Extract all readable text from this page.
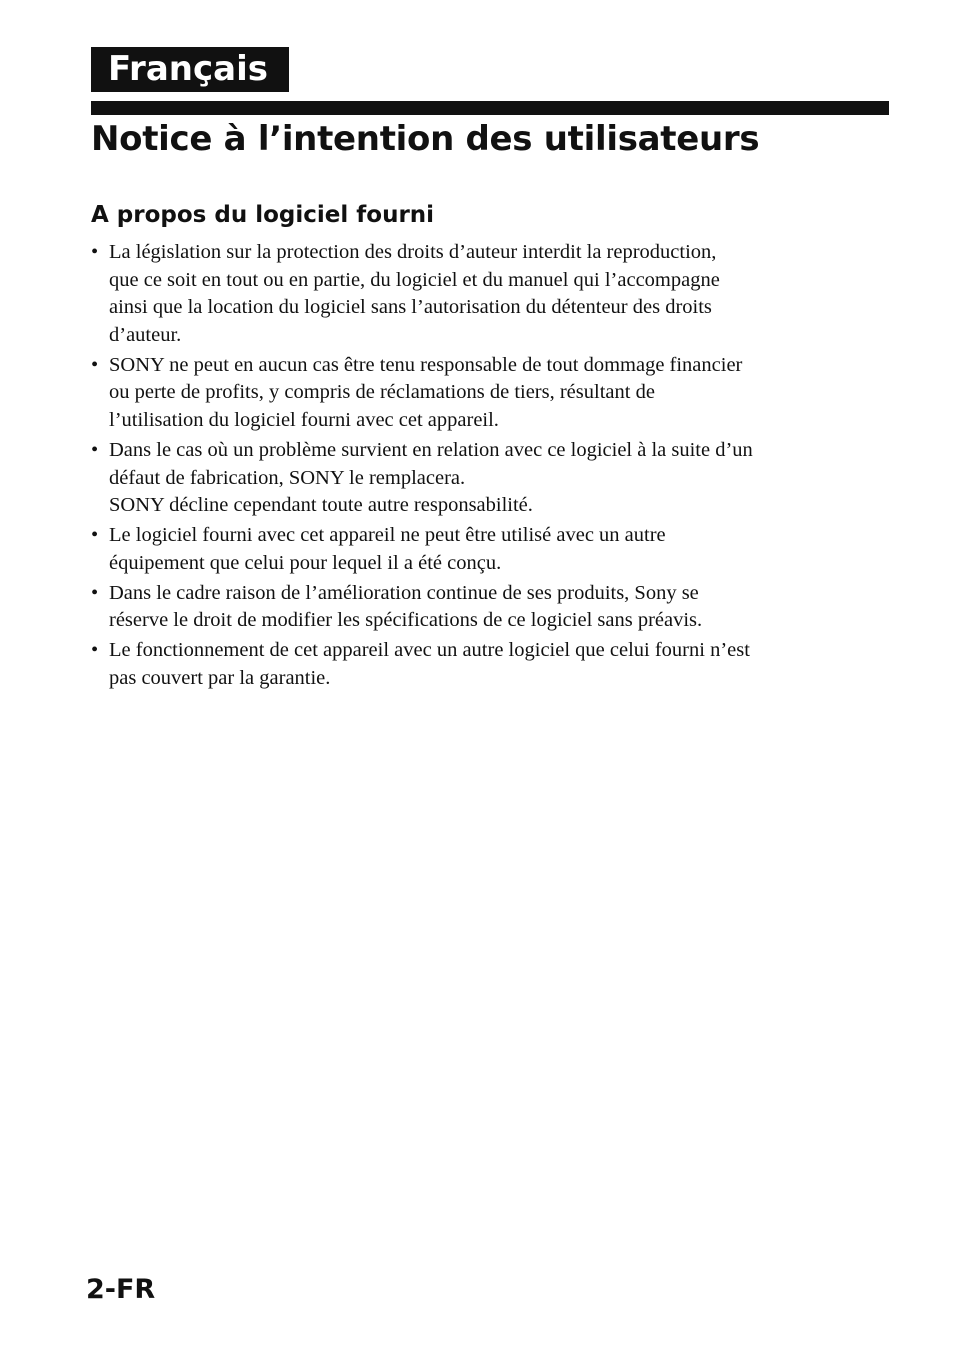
Français
Notice à l’intention des utilisateurs
A propos du logiciel fourni
• La législation sur la protection des droits d’auteur interdit la reproduction,
que ce soit en tout ou en partie, du logiciel et du manuel qui l’accompagne
ainsi que la location du logiciel sans l’autorisation du détenteur des droits
d’auteur.
• SONY ne peut en aucun cas être tenu responsable de tout dommage financier
ou perte de profits, y compris de réclamations de tiers, résultant de
l’utilisation du logiciel fourni avec cet appareil.
• Dans le cas où un problème survient en relation avec ce logiciel à la suite d’un
défaut de fabrication, SONY le remplacera.
SONY décline cependant toute autre responsabilité.
• Le logiciel fourni avec cet appareil ne peut être utilisé avec un autre
équipement que celui pour lequel il a été conçu.
• Dans le cadre raison de l’amélioration continue de ses produits, Sony se
réserve le droit de modifier les spécifications de ce logiciel sans préavis.
• Le fonctionnement de cet appareil avec un autre logiciel que celui fourni n’est
pas couvert par la garantie.
2-FR
